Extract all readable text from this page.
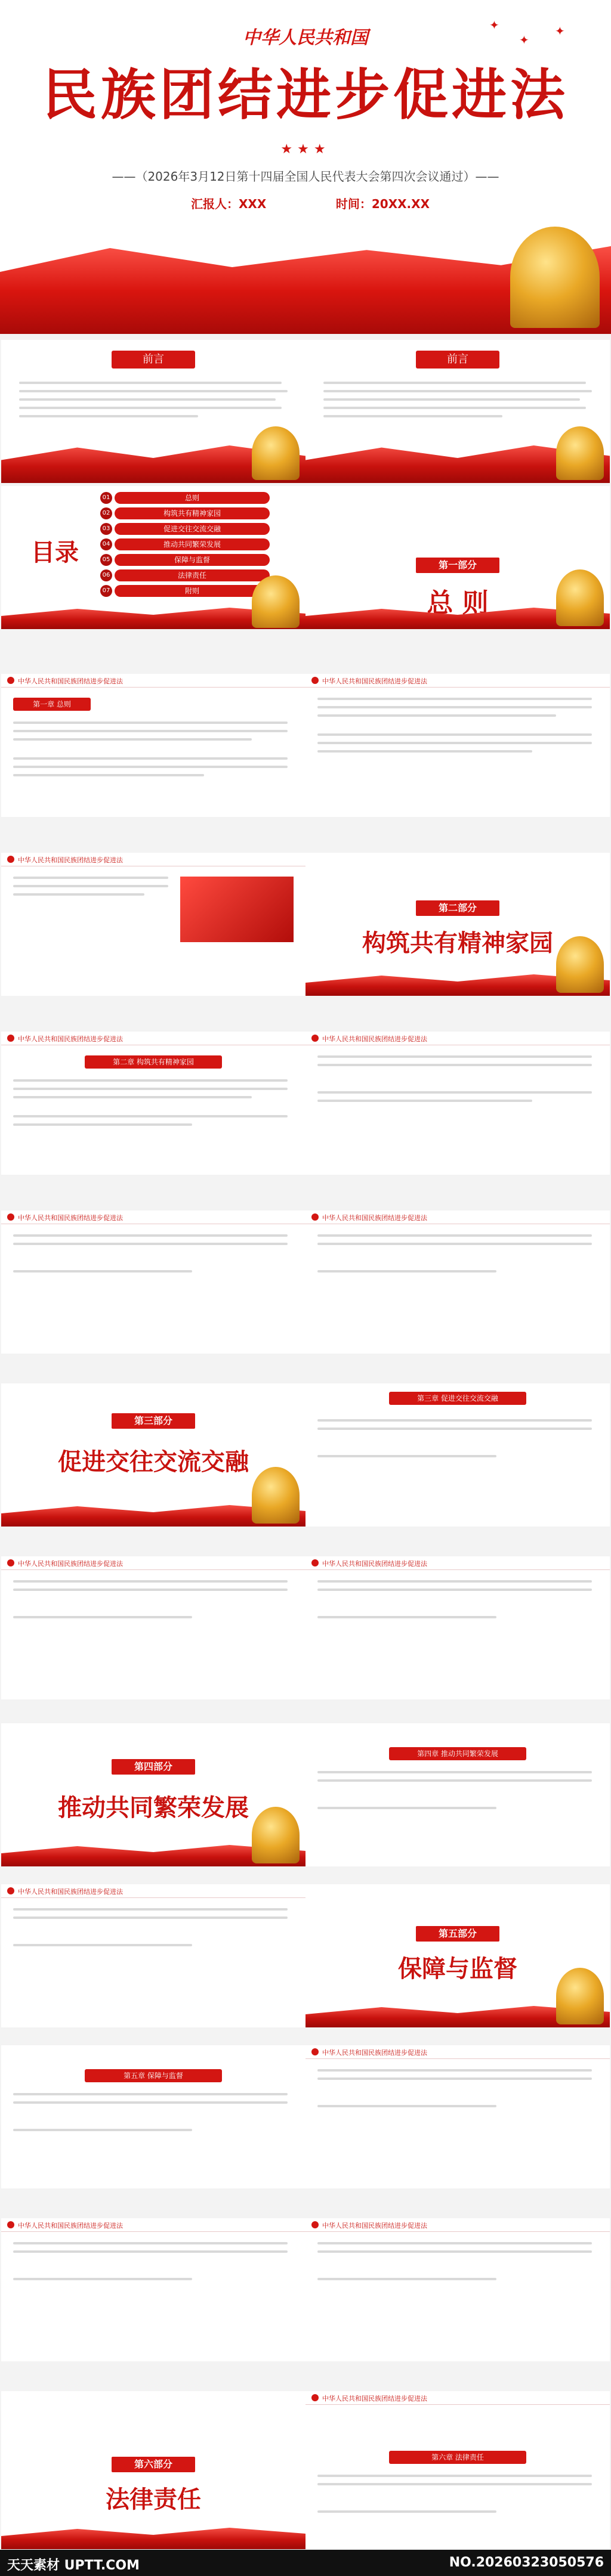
✦
✦
✦
中华人民共和国
民族团结进步促进法
★★★
——（2026年3月12日第十四届全国人民代表大会第四次会议通过）——
汇报人：XXX	时间：20XX.XX
前言	前言
目录
01	总则
02	构筑共有精神家园
03	促进交往交流交融
04	推动共同繁荣发展
05	保障与监督
06	法律责任
07	附则
第一部分
总 则
中华人民共和国民族团结进步促进法
第一章 总则
中华人民共和国民族团结进步促进法
中华人民共和国民族团结进步促进法
第二部分
构筑共有精神家园
中华人民共和国民族团结进步促进法
第二章 构筑共有精神家园
中华人民共和国民族团结进步促进法
中华人民共和国民族团结进步促进法	中华人民共和国民族团结进步促进法
第三部分
促进交往交流交融
第三章 促进交往交流交融
中华人民共和国民族团结进步促进法	中华人民共和国民族团结进步促进法
第四部分
推动共同繁荣发展
第四章 推动共同繁荣发展
中华人民共和国民族团结进步促进法
第五部分
保障与监督
第五章 保障与监督
中华人民共和国民族团结进步促进法
中华人民共和国民族团结进步促进法	中华人民共和国民族团结进步促进法
第六部分
法律责任
中华人民共和国民族团结进步促进法
第六章 法律责任
天天素材 UPTT.COM	NO.20260323050576
